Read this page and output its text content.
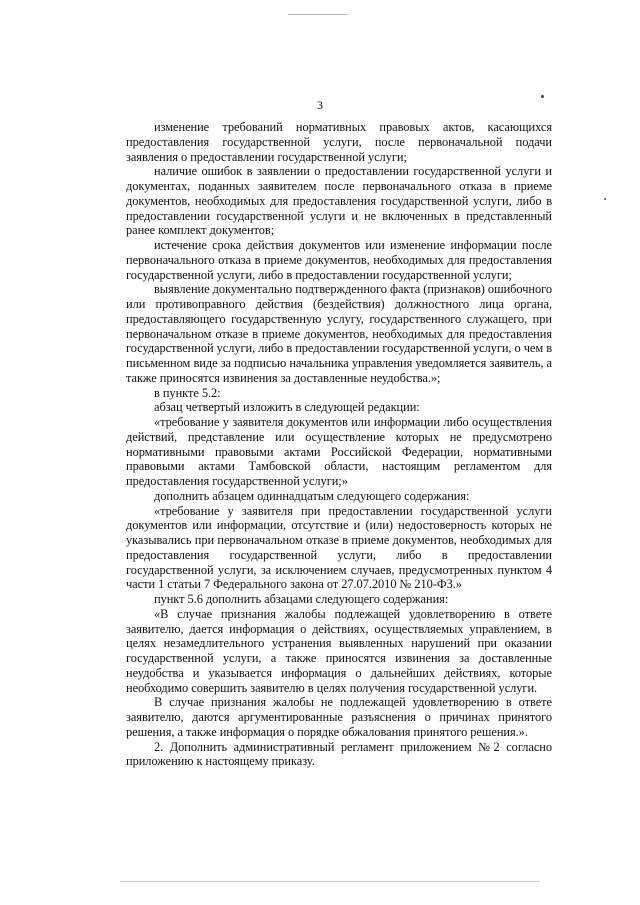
3

изменение требований нормативных правовых актов, касающихся предоставления государственной услуги, после первоначальной подачи заявления о предоставлении государственной услуги;

наличие ошибок в заявлении о предоставлении государственной услуги и документах, поданных заявителем после первоначального отказа в приеме документов, необходимых для предоставления государственной услуги, либо в предоставлении государственной услуги и не включенных в представленный ранее комплект документов;

истечение срока действия документов или изменение информации после первоначального отказа в приеме документов, необходимых для предоставления государственной услуги, либо в предоставлении государственной услуги;

выявление документально подтвержденного факта (признаков) ошибочного или противоправного действия (бездействия) должностного лица органа, предоставляющего государственную услугу, государственного служащего, при первоначальном отказе в приеме документов, необходимых для предоставления государственной услуги, либо в предоставлении государственной услуги, о чем в письменном виде за подписью начальника управления уведомляется заявитель, а также приносятся извинения за доставленные неудобства.»;

в пункте 5.2:

абзац четвертый изложить в следующей редакции:

«требование у заявителя документов или информации либо осуществления действий, представление или осуществление которых не предусмотрено нормативными правовыми актами Российской Федерации, нормативными правовыми актами Тамбовской области, настоящим регламентом для предоставления государственной услуги;»

дополнить абзацем одиннадцатым следующего содержания:

«требование у заявителя при предоставлении государственной услуги документов или информации, отсутствие и (или) недостоверность которых не указывались при первоначальном отказе в приеме документов, необходимых для предоставления государственной услуги, либо в предоставлении государственной услуги, за исключением случаев, предусмотренных пунктом 4 части 1 статьи 7 Федерального закона от 27.07.2010 № 210-ФЗ.»

пункт 5.6 дополнить абзацами следующего содержания:

«В случае признания жалобы подлежащей удовлетворению в ответе заявителю, дается информация о действиях, осуществляемых управлением, в целях незамедлительного устранения выявленных нарушений при оказании государственной услуги, а также приносятся извинения за доставленные неудобства и указывается информация о дальнейших действиях, которые необходимо совершить заявителю в целях получения государственной услуги.

В случае признания жалобы не подлежащей удовлетворению в ответе заявителю, даются аргументированные разъяснения о причинах принятого решения, а также информация о порядке обжалования принятого решения.».

2. Дополнить административный регламент приложением №2 согласно приложению к настоящему приказу.
